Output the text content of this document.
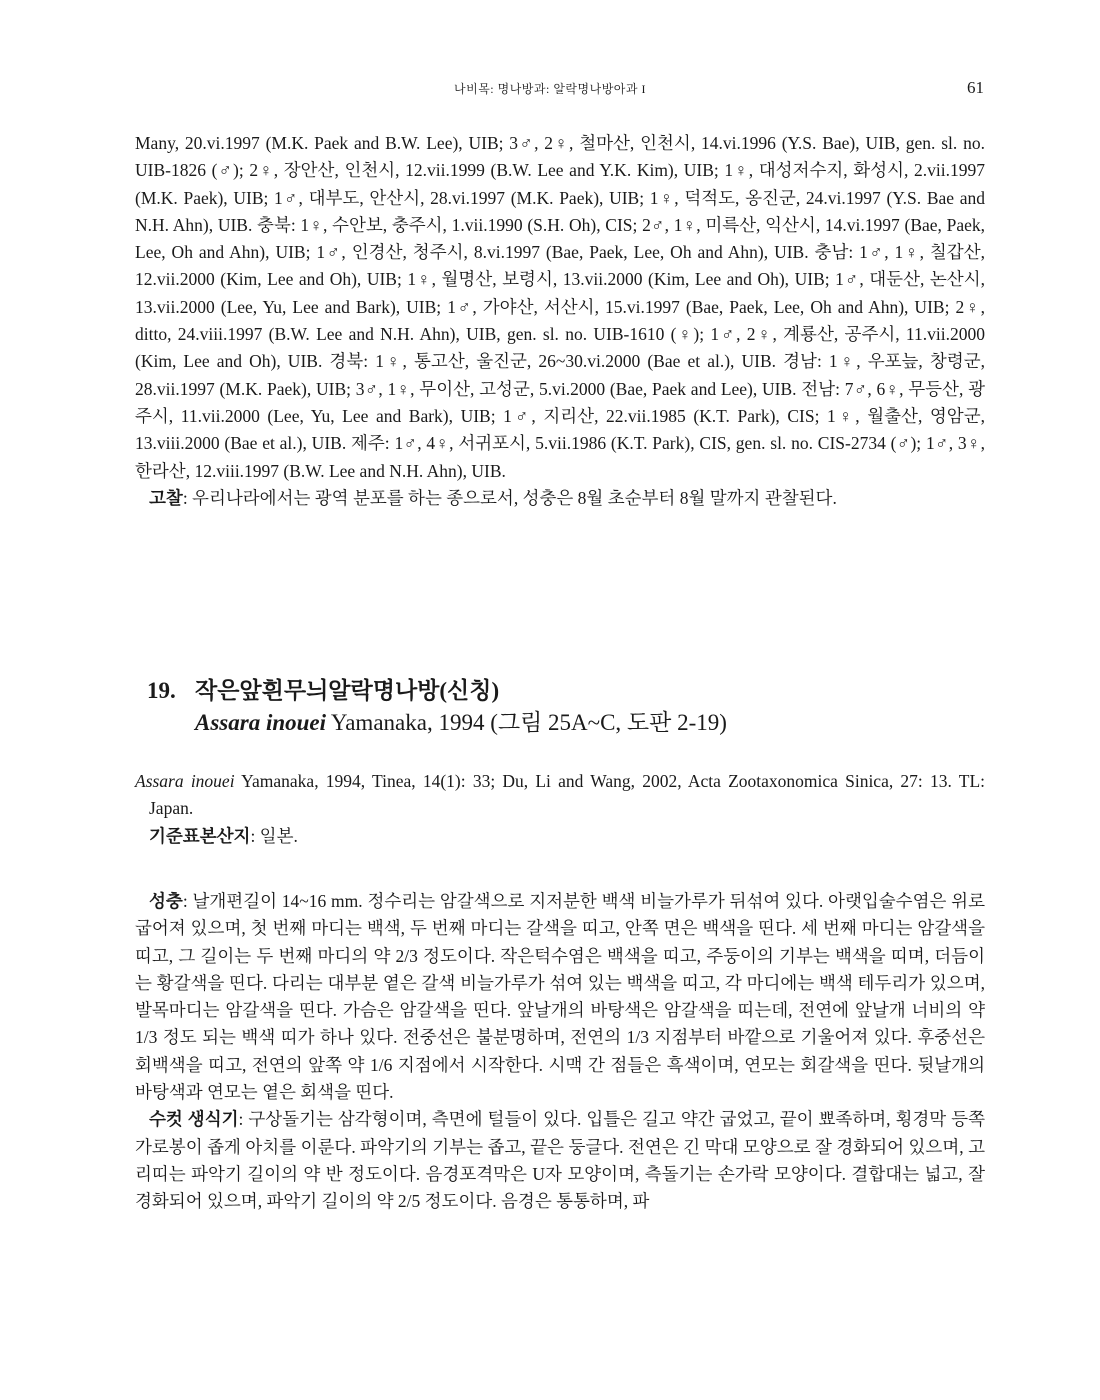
나비목: 명나방과: 알락명나방아과 I	61

Many, 20.vi.1997 (M.K. Paek and B.W. Lee), UIB; 3♂, 2♀, 철마산, 인천시, 14.vi.1996 (Y.S. Bae), UIB, gen. sl. no. UIB-1826 (♂); 2♀, 장안산, 인천시, 12.vii.1999 (B.W. Lee and Y.K. Kim), UIB; 1♀, 대성저수지, 화성시, 2.vii.1997 (M.K. Paek), UIB; 1♂, 대부도, 안산시, 28.vi.1997 (M.K. Paek), UIB; 1♀, 덕적도, 옹진군, 24.vi.1997 (Y.S. Bae and N.H. Ahn), UIB. 충북: 1♀, 수안보, 충주시, 1.vii.1990 (S.H. Oh), CIS; 2♂, 1♀, 미륵산, 익산시, 14.vi.1997 (Bae, Paek, Lee, Oh and Ahn), UIB; 1♂, 인경산, 청주시, 8.vi.1997 (Bae, Paek, Lee, Oh and Ahn), UIB. 충남: 1♂, 1♀, 칠갑산, 12.vii.2000 (Kim, Lee and Oh), UIB; 1♀, 월명산, 보령시, 13.vii.2000 (Kim, Lee and Oh), UIB; 1♂, 대둔산, 논산시, 13.vii.2000 (Lee, Yu, Lee and Bark), UIB; 1♂, 가야산, 서산시, 15.vi.1997 (Bae, Paek, Lee, Oh and Ahn), UIB; 2♀, ditto, 24.viii.1997 (B.W. Lee and N.H. Ahn), UIB, gen. sl. no. UIB-1610 (♀); 1♂, 2♀, 계룡산, 공주시, 11.vii.2000 (Kim, Lee and Oh), UIB. 경북: 1♀, 통고산, 울진군, 26~30.vi.2000 (Bae et al.), UIB. 경남: 1♀, 우포늪, 창령군, 28.vii.1997 (M.K. Paek), UIB; 3♂, 1♀, 무이산, 고성군, 5.vi.2000 (Bae, Paek and Lee), UIB. 전남: 7♂, 6♀, 무등산, 광주시, 11.vii.2000 (Lee, Yu, Lee and Bark), UIB; 1♂, 지리산, 22.vii.1985 (K.T. Park), CIS; 1♀, 월출산, 영암군, 13.viii.2000 (Bae et al.), UIB. 제주: 1♂, 4♀, 서귀포시, 5.vii.1986 (K.T. Park), CIS, gen. sl. no. CIS-2734 (♂); 1♂, 3♀, 한라산, 12.viii.1997 (B.W. Lee and N.H. Ahn), UIB.

고찰: 우리나라에서는 광역 분포를 하는 종으로서, 성충은 8월 초순부터 8월 말까지 관찰된다.

19. 작은앞흰무늬알락명나방(신칭)
Assara inouei Yamanaka, 1994 (그림 25A~C, 도판 2-19)

Assara inouei Yamanaka, 1994, Tinea, 14(1): 33; Du, Li and Wang, 2002, Acta Zootaxonomica Sinica, 27: 13. TL: Japan.

기준표본산지: 일본.

성충: 날개편길이 14~16 mm. 정수리는 암갈색으로 지저분한 백색 비늘가루가 뒤섞여 있다. 아랫입술수염은 위로 굽어져 있으며, 첫 번째 마디는 백색, 두 번째 마디는 갈색을 띠고, 안쪽 면은 백색을 띤다. 세 번째 마디는 암갈색을 띠고, 그 길이는 두 번째 마디의 약 2/3 정도이다. 작은턱수염은 백색을 띠고, 주둥이의 기부는 백색을 띠며, 더듬이는 황갈색을 띤다. 다리는 대부분 옅은 갈색 비늘가루가 섞여 있는 백색을 띠고, 각 마디에는 백색 테두리가 있으며, 발목마디는 암갈색을 띤다. 가슴은 암갈색을 띤다. 앞날개의 바탕색은 암갈색을 띠는데, 전연에 앞날개 너비의 약 1/3 정도 되는 백색 띠가 하나 있다. 전중선은 불분명하며, 전연의 1/3 지점부터 바깥으로 기울어져 있다. 후중선은 회백색을 띠고, 전연의 앞쪽 약 1/6 지점에서 시작한다. 시맥 간 점들은 흑색이며, 연모는 회갈색을 띤다. 뒷날개의 바탕색과 연모는 옅은 회색을 띤다.

수컷 생식기: 구상돌기는 삼각형이며, 측면에 털들이 있다. 입틀은 길고 약간 굽었고, 끝이 뾰족하며, 횡경막 등쪽 가로봉이 좁게 아치를 이룬다. 파악기의 기부는 좁고, 끝은 둥글다. 전연은 긴 막대 모양으로 잘 경화되어 있으며, 고리띠는 파악기 길이의 약 반 정도이다. 음경포격막은 U자 모양이며, 측돌기는 손가락 모양이다. 결합대는 넓고, 잘 경화되어 있으며, 파악기 길이의 약 2/5 정도이다. 음경은 통통하며, 파
